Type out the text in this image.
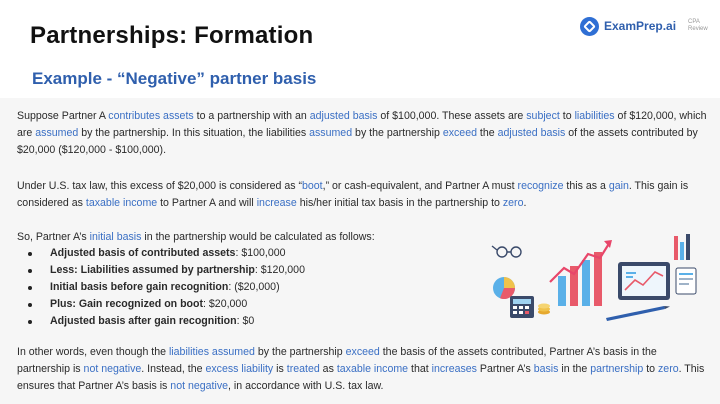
Partnerships: Formation
Example - “Negative” partner basis
ExamPrep.ai CPA Review

Suppose Partner A contributes assets to a partnership with an adjusted basis of $100,000. These assets are subject to liabilities of $120,000, which are assumed by the partnership. In this situation, the liabilities assumed by the partnership exceed the adjusted basis of the assets contributed by $20,000 ($120,000 - $100,000).

Under U.S. tax law, this excess of $20,000 is considered as “boot,” or cash-equivalent, and Partner A must recognize this as a gain. This gain is considered as taxable income to Partner A and will increase his/her initial tax basis in the partnership to zero.

So, Partner A’s initial basis in the partnership would be calculated as follows:

Adjusted basis of contributed assets: $100,000
Less: Liabilities assumed by partnership: $120,000
Initial basis before gain recognition: ($20,000)
Plus: Gain recognized on boot: $20,000
Adjusted basis after gain recognition: $0

In other words, even though the liabilities assumed by the partnership exceed the basis of the assets contributed, Partner A’s basis in the partnership is not negative. Instead, the excess liability is treated as taxable income that increases Partner A’s basis in the partnership to zero. This ensures that Partner A’s basis is not negative, in accordance with U.S. tax law.
